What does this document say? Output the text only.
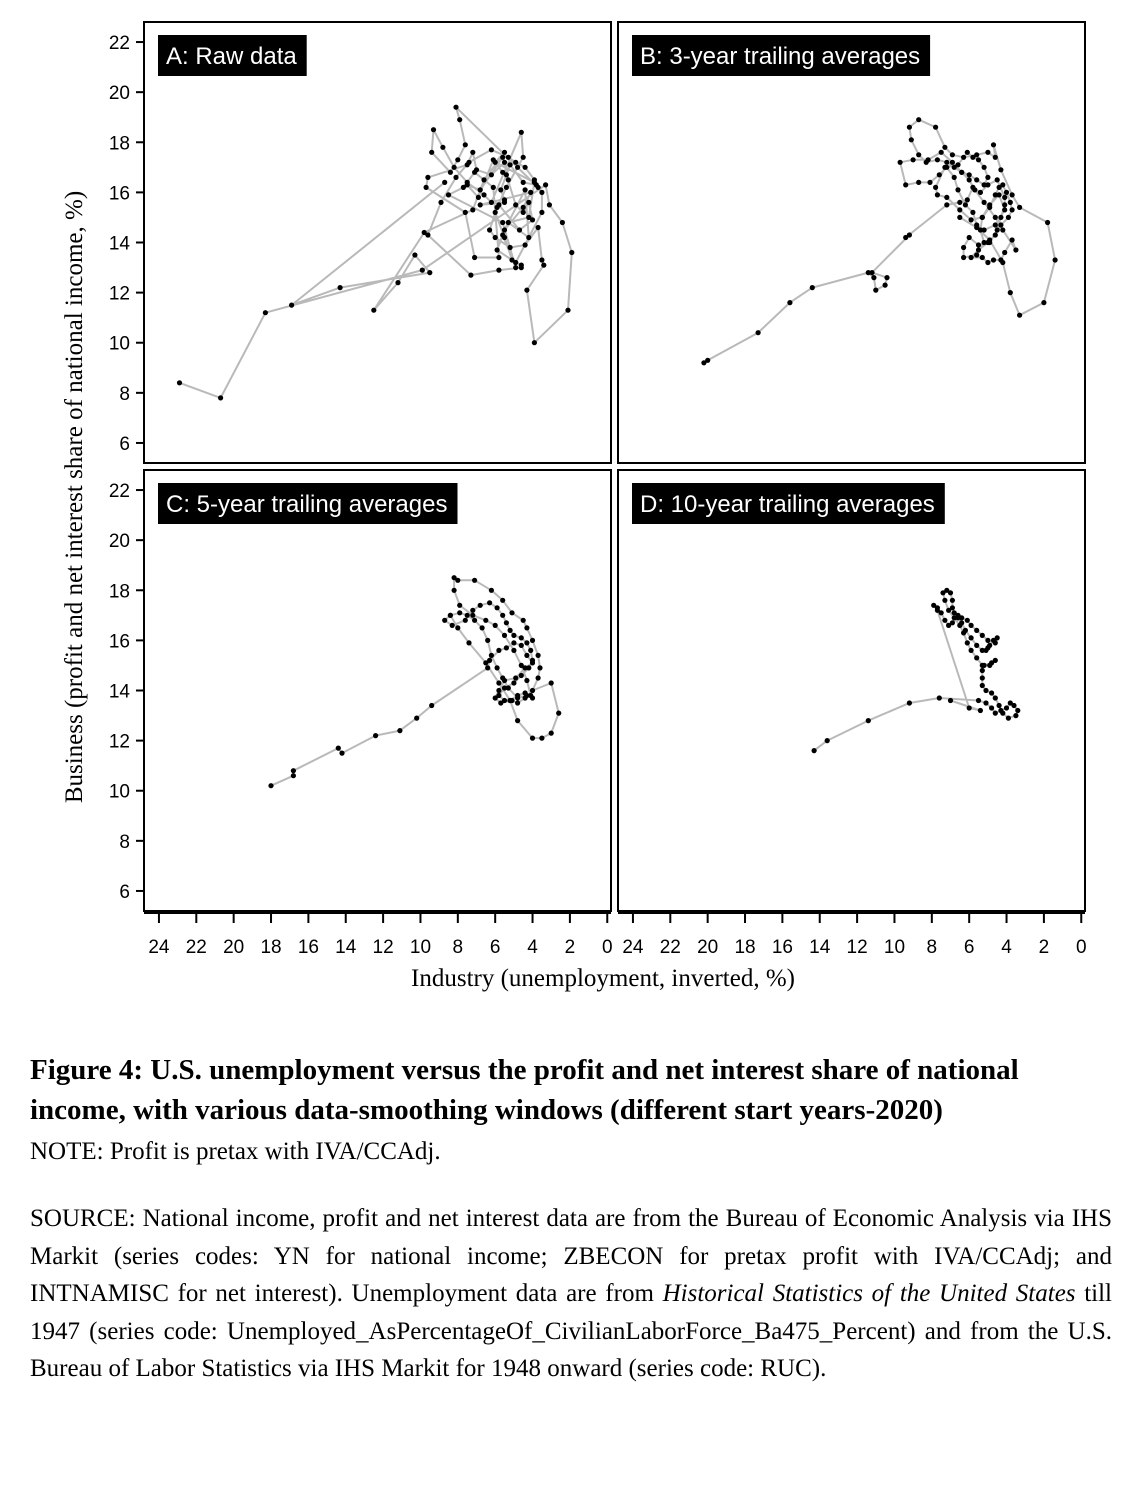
A: Raw data	B: 3-year trailing averages
C: 5-year trailing averages	D: 10-year trailing averages
6
8
10
12
14
16
18
20
22
6
8
10
12
14
16
18
20
22
24 22 20 18 16 14 12 10 8 6 4 2 0 24 22 20 18 16 14 12 10 8 6 4 2 0
Business (profit and net interest share of national income, %)
Industry (unemployment, inverted, %)

Figure 4: U.S. unemployment versus the profit and net interest share of national income, with various data-smoothing windows (different start years-2020)

NOTE: Profit is pretax with IVA/CCAdj.

SOURCE: National income, profit and net interest data are from the Bureau of Economic Analysis via IHS Markit (series codes: YN for national income; ZBECON for pretax profit with IVA/CCAdj; and INTNAMISC for net interest). Unemployment data are from Historical Statistics of the United States till 1947 (series code: Unemployed_AsPercentageOf_CivilianLaborForce_Ba475_Percent) and from the U.S. Bureau of Labor Statistics via IHS Markit for 1948 onward (series code: RUC).
